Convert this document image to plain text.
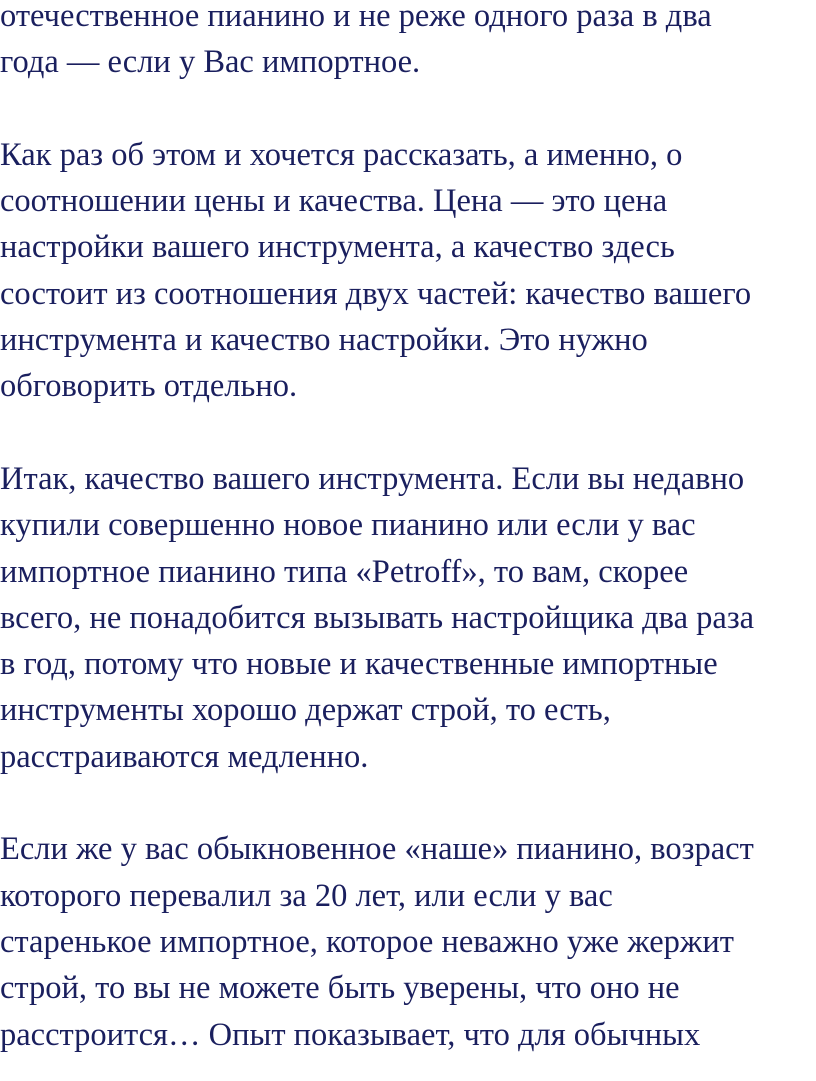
отечественное пианино и не реже одного раза в два
года — если у Вас импортное.

Как раз об этом и хочется рассказать, а именно, о
соотношении цены и качества. Цена — это цена
настройки вашего инструмента, а качество здесь
состоит из соотношения двух частей: качество вашего
инструмента и качество настройки. Это нужно
обговорить отдельно.

Итак, качество вашего инструмента. Если вы недавно
купили совершенно новое пианино или если у вас
импортное пианино типа «Petroff», то вам, скорее
всего, не понадобится вызывать настройщика два раза
в год, потому что новые и качественные импортные
инструменты хорошо держат строй, то есть,
расстраиваются медленно.

Если же у вас обыкновенное «наше» пианино, возраст
которого перевалил за 20 лет, или если у вас
старенькое импортное, которое неважно уже жержит
строй, то вы не можете быть уверены, что оно не
расстроится… Опыт показывает, что для обычных
